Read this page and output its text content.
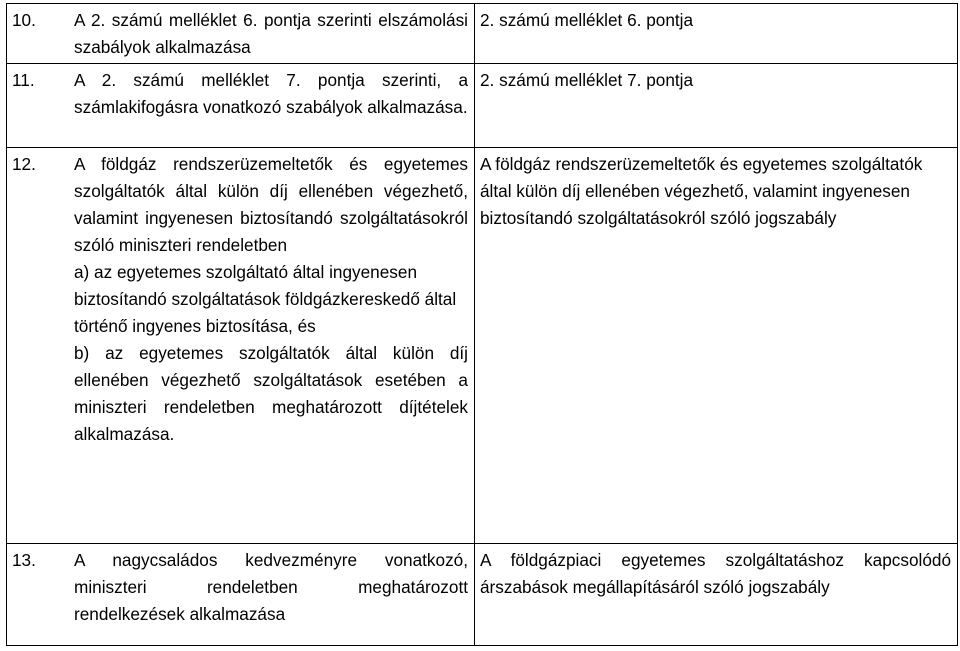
10. A 2. számú melléklet 6. pontja szerinti elszámolási szabályok alkalmazása	2. számú melléklet 6. pontja

11. A 2. számú melléklet 7. pontja szerinti, a számlakifogásra vonatkozó szabályok alkalmazása.	2. számú melléklet 7. pontja

12. A földgáz rendszerüzemeltetők és egyetemes szolgáltatók által külön díj ellenében végezhető, valamint ingyenesen biztosítandó szolgáltatásokról szóló miniszteri rendeletben

a) az egyetemes szolgáltató által ingyenesen biztosítandó szolgáltatások földgázkereskedő által történő ingyenes biztosítása, és

b) az egyetemes szolgáltatók által külön díj ellenében végezhető szolgáltatások esetében a miniszteri rendeletben meghatározott díjtételek alkalmazása.	A földgáz rendszerüzemeltetők és egyetemes szolgáltatók által külön díj ellenében végezhető, valamint ingyenesen biztosítandó szolgáltatásokról szóló jogszabály

13. A nagycsaládos kedvezményre vonatkozó, miniszteri rendeletben meghatározott rendelkezések alkalmazása	A földgázpiaci egyetemes szolgáltatáshoz kapcsolódó árszabások megállapításáról szóló jogszabály
